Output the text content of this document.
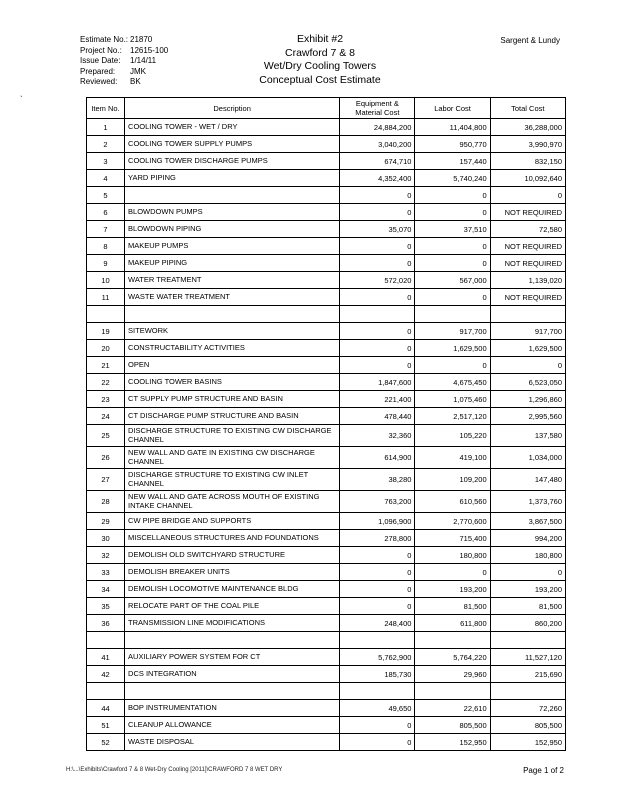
Estimate No.: 21870
Project No.:	12615-100
Issue Date:	1/14/11
Prepared:	JMK
Reviewed:	BK
Exhibit #2
Crawford 7 & 8
Wet/Dry Cooling Towers
Conceptual Cost Estimate
Sargent & Lundy
`
Item No.	Description	Equipment & Material Cost	Labor Cost	Total Cost
1	COOLING TOWER - WET / DRY	24,884,200	11,404,800	36,288,000
2	COOLING TOWER SUPPLY PUMPS	3,040,200	950,770	3,990,970
3	COOLING TOWER DISCHARGE PUMPS	674,710	157,440	832,150
4	YARD PIPING	4,352,400	5,740,240	10,092,640
5		0	0	0
6	BLOWDOWN PUMPS	0	0	NOT REQUIRED
7	BLOWDOWN PIPING	35,070	37,510	72,580
8	MAKEUP PUMPS	0	0	NOT REQUIRED
9	MAKEUP PIPING	0	0	NOT REQUIRED
10	WATER TREATMENT	572,020	567,000	1,139,020
11	WASTE WATER TREATMENT	0	0	NOT REQUIRED

19	SITEWORK	0	917,700	917,700
20	CONSTRUCTABILITY ACTIVITIES	0	1,629,500	1,629,500
21	OPEN	0	0	0
22	COOLING TOWER BASINS	1,847,600	4,675,450	6,523,050
23	CT SUPPLY PUMP STRUCTURE AND BASIN	221,400	1,075,460	1,296,860
24	CT DISCHARGE PUMP STRUCTURE AND BASIN	478,440	2,517,120	2,995,560
25	DISCHARGE STRUCTURE TO EXISTING CW DISCHARGE CHANNEL	32,360	105,220	137,580
26	NEW WALL AND GATE IN EXISTING CW DISCHARGE CHANNEL	614,900	419,100	1,034,000
27	DISCHARGE STRUCTURE TO EXISTING CW INLET CHANNEL	38,280	109,200	147,480
28	NEW WALL AND GATE ACROSS MOUTH OF EXISTING INTAKE CHANNEL	763,200	610,560	1,373,760
29	CW PIPE BRIDGE AND SUPPORTS	1,096,900	2,770,600	3,867,500
30	MISCELLANEOUS STRUCTURES AND FOUNDATIONS	278,800	715,400	994,200
32	DEMOLISH OLD SWITCHYARD STRUCTURE	0	180,800	180,800
33	DEMOLISH BREAKER UNITS	0	0	0
34	DEMOLISH LOCOMOTIVE MAINTENANCE BLDG	0	193,200	193,200
35	RELOCATE PART OF THE COAL PILE	0	81,500	81,500
36	TRANSMISSION LINE MODIFICATIONS	248,400	611,800	860,200

41	AUXILIARY POWER SYSTEM FOR CT	5,762,900	5,764,220	11,527,120
42	DCS INTEGRATION	185,730	29,960	215,690

44	BOP INSTRUMENTATION	49,650	22,610	72,260
51	CLEANUP ALLOWANCE	0	805,500	805,500
52	WASTE DISPOSAL	0	152,950	152,950
H:\...\Exhibits\Crawford 7 & 8 Wet-Dry Cooling [2011]\CRAWFORD 7 8 WET DRY	Page 1 of 2
